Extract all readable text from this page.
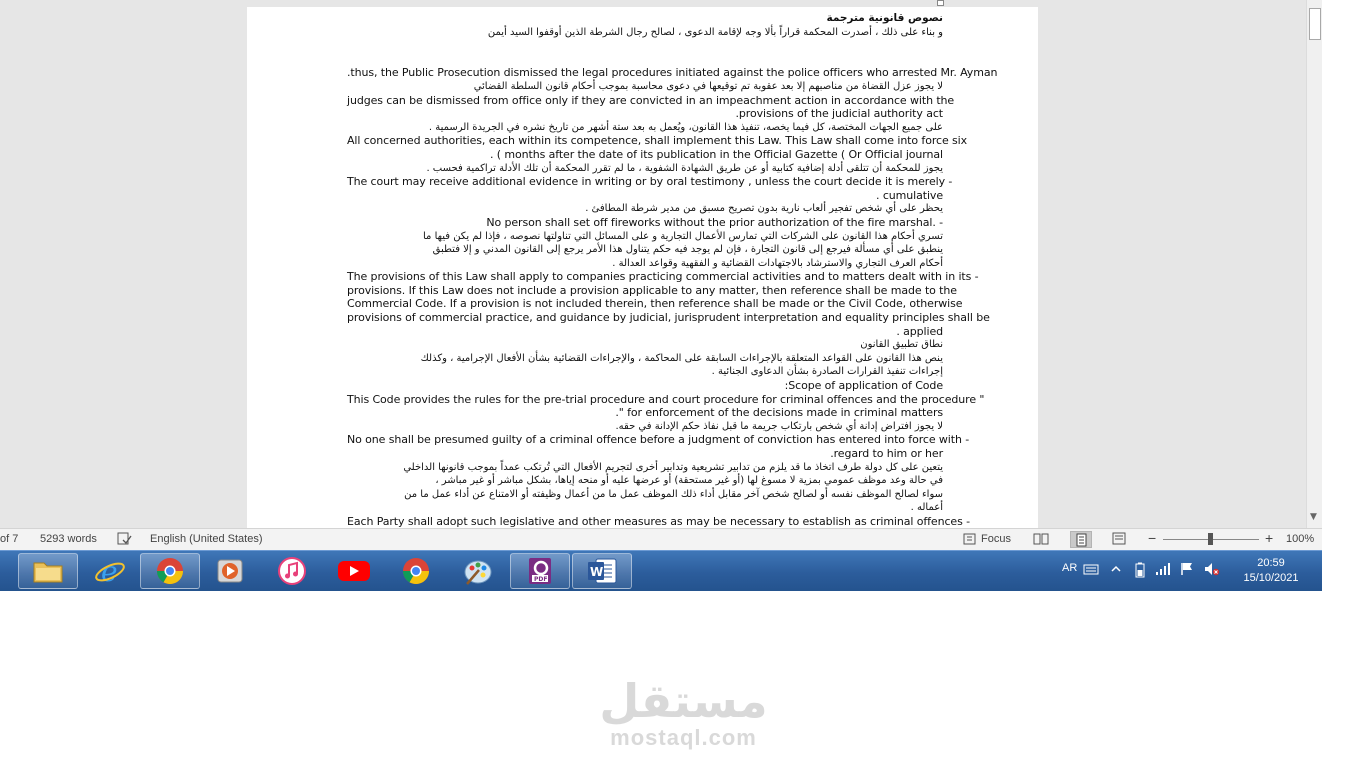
نصوص قانونية مترجمة
و بناء على ذلك ، أصدرت المحكمة قراراً بألا وجه لإقامة الدعوى ، لصالح رجال الشرطة الذين أوقفوا السيد أيمن
.thus, the Public Prosecution dismissed the legal procedures initiated against the police officers who arrested Mr. Ayman
لا يجوز عزل القضاة من مناصبهم إلا بعد عقوبة تم توقيعها في دعوى محاسبة بموجب أحكام قانون السلطة القضائي
judges can be dismissed from office only if they are convicted in an impeachment action in accordance with the
.provisions of the judicial authority act
على جميع الجهات المختصة، كل فيما يخصه، تنفيذ هذا القانون، ويُعمل به بعد ستة أشهر من تاريخ نشره في الجريدة الرسمية .
All concerned authorities, each within its competence, shall implement this Law. This Law shall come into force six
. ( months after the date of its publication in the Official Gazette ( Or Official journal
يجوز للمحكمة أن تتلقى أدلة إضافية كتابية أو عن طريق الشهادة الشفوية ، ما لم تقرر المحكمة أن تلك الأدلة تراكمية فحسب .
The court may receive additional evidence in writing or by oral testimony , unless the court decide it is merely -
. cumulative
يحظر على أي شخص تفجير ألعاب نارية بدون تصريح مسبق من مدير شرطة المطافئ .
No person shall set off fireworks without the prior authorization of the fire marshal. -
تسري أحكام هذا القانون على الشركات التي تمارس الأعمال التجارية و على المسائل التي تناولتها نصوصه ، فإذا لم يكن فيها ما
ينطبق على أي مسألة فيرجع إلى قانون التجارة ، فإن لم يوجد فيه حكم يتناول هذا الأمر يرجع إلى القانون المدني و إلا فتطبق
أحكام العرف التجاري والاسترشاد بالاجتهادات القضائية و الفقهية وقواعد العدالة .
The provisions of this Law shall apply to companies practicing commercial activities and to matters dealt with in its -
provisions. If this Law does not include a provision applicable to any matter, then reference shall be made to the
Commercial Code. If a provision is not included therein, then reference shall be made or the Civil Code, otherwise
provisions of commercial practice, and guidance by judicial, jurisprudent interpretation and equality principles shall be
. applied
نطاق تطبيق القانون
ينص هذا القانون على القواعد المتعلقة بالإجراءات السابقة على المحاكمة ، والإجراءات القضائية بشأن الأفعال الإجرامية ، وكذلك
إجراءات تنفيذ القرارات الصادرة بشأن الدعاوى الجنائية .
:Scope of application of Code
This Code provides the rules for the pre-trial procedure and court procedure for criminal offences and the procedure "
." for enforcement of the decisions made in criminal matters
لا يجوز افتراض إدانة أي شخص بارتكاب جريمة ما قبل نفاذ حكم الإدانة في حقه.
No one shall be presumed guilty of a criminal offence before a judgment of conviction has entered into force with -
.regard to him or her
يتعين على كل دولة طرف اتخاذ ما قد يلزم من تدابير تشريعية وتدابير أخرى لتجريم الأفعال التي تُرتكب عمداً بموجب قانونها الداخلي
في حالة وعد موظف عمومي بمزية لا مسوغ لها (أو غير مستحقة) أو عرضها عليه أو منحه إياها، بشكل مباشر أو غير مباشر ،
سواء لصالح الموظف نفسه أو لصالح شخص آخر مقابل أداء ذلك الموظف عمل ما من أعمال وظيفته أو الامتناع عن أداء عمل ما من
أعماله .
Each Party shall adopt such legislative and other measures as may be necessary to establish as criminal offences -	▼
of 7 5293 words	English (United States)	Focus	−	+ 100%
e	PDF
W	AR	20:59
15/10/2021
مستقل
mostaql.com
